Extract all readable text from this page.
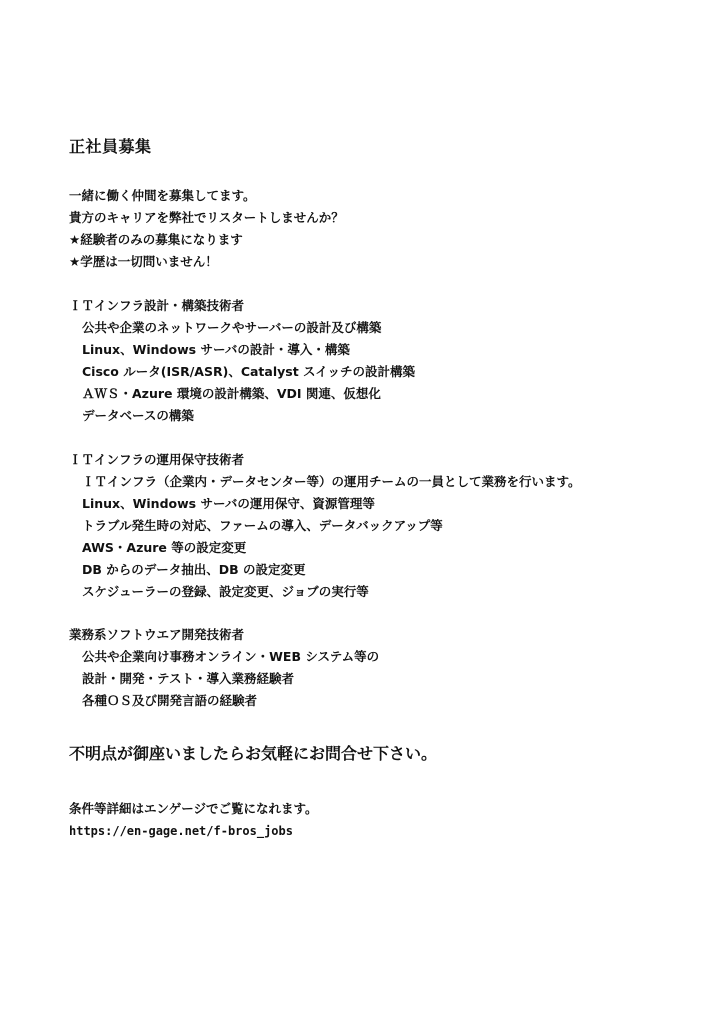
正社員募集
一緒に働く仲間を募集してます。
貴方のキャリアを弊社でリスタートしませんか？
★経験者のみの募集になります
★学歴は一切問いません！
ＩＴインフラ設計・構築技術者
公共や企業のネットワークやサーバーの設計及び構築
Linux、Windows サーバの設計・導入・構築
Cisco ルータ(ISR/ASR)、Catalyst スイッチの設計構築
ＡＷＳ・Azure 環境の設計構築、VDI 関連、仮想化
データベースの構築
ＩＴインフラの運用保守技術者
ＩＴインフラ（企業内・データセンター等）の運用チームの一員として業務を行います。
Linux、Windows サーバの運用保守、資源管理等
トラブル発生時の対応、ファームの導入、データバックアップ等
AWS・Azure 等の設定変更
DB からのデータ抽出、DB の設定変更
スケジューラーの登録、設定変更、ジョブの実行等
業務系ソフトウエア開発技術者
公共や企業向け事務オンライン・WEB システム等の
設計・開発・テスト・導入業務経験者
各種ＯＳ及び開発言語の経験者
不明点が御座いましたらお気軽にお問合せ下さい。
条件等詳細はエンゲージでご覧になれます。
https://en-gage.net/f-bros_jobs
